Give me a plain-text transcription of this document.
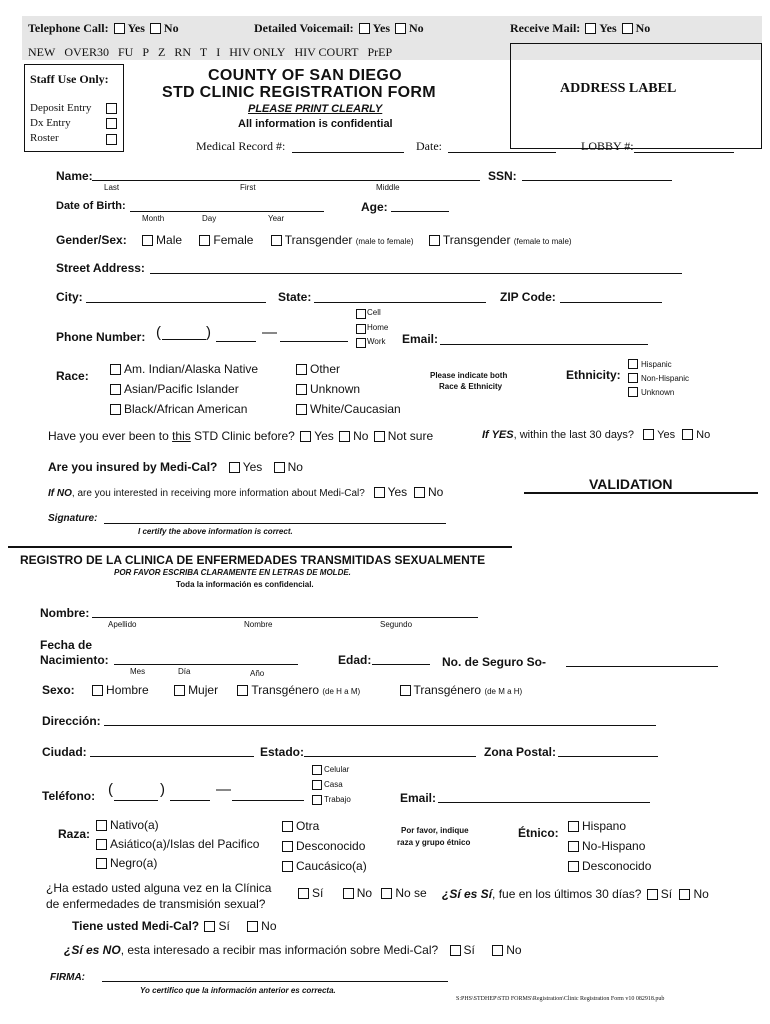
Telephone Call: Yes No	Detailed Voicemail: Yes No	Receive Mail: Yes No
NEW OVER30 FU P Z RN T I HIV ONLY HIV COURT PrEP
Staff Use Only:
Deposit Entry
Dx Entry
Roster
COUNTY OF SAN DIEGO
STD CLINIC REGISTRATION FORM
PLEASE PRINT CLEARLY
All information is confidential
ADDRESS LABEL
Medical Record #:	Date:	LOBBY #:
Name:
Last	First	Middle
SSN:
Date of Birth:
Month	Day	Year
Age:
Gender/Sex: Male	Female	Transgender (male to female) Transgender (female to male)
Street Address:
City:	State:	ZIP Code:
Phone Number: (	)	—
Cell
Home
Work Email:
Race:	Am. Indian/Alaska Native
Asian/Pacific Islander
Black/African American
Other
Unknown
White/Caucasian
Please indicate both
Race & Ethnicity
Ethnicity:
Hispanic
Non-Hispanic
Unknown
Have you ever been to this STD Clinic before? Yes No Not sure	If YES, within the last 30 days? Yes No
Are you insured by Medi-Cal? Yes No
If NO, are you interested in receiving more information about Medi-Cal? Yes No	VALIDATION
Signature:
I certify the above information is correct.
REGISTRO DE LA CLINICA DE ENFERMEDADES TRANSMITIDAS SEXUALMENTE
POR FAVOR ESCRIBA CLARAMENTE EN LETRAS DE MOLDE.
Toda la información es confidencial.
Nombre:
Apellido	Nombre	Segundo
Fecha de
Nacimiento:
Mes	Día	Año
Edad:	No. de Seguro So-
Sexo:	Hombre	Mujer	Transgénero (de H a M)	Transgénero (de M a H)
Dirección:
Ciudad:	Estado:	Zona Postal:
Teléfono: (	)	—
Celular
Casa
Trabajo	Email:
Raza:
Nativo(a)
Asiático(a)/Islas del Pacifico
Negro(a)
Otra
Desconocido
Caucásico(a)
Por favor, indique
raza y grupo étnico
Étnico:	Hispano
No-Hispano
Desconocido
¿Ha estado usted alguna vez en la Clínica
de enfermedades de transmisión sexual?
Sí	No No se ¿Sí es Sí, fue en los últimos 30 días? Sí No
Tiene usted Medi-Cal? Sí	No
¿Sí es NO, esta interesado a recibir mas información sobre Medi-Cal? Sí	No
FIRMA:
Yo certifico que la información anterior es correcta.
S:PHS\STDHEP\STD FORMS\Registration\Clinic Registration Form v10 082918.pub
